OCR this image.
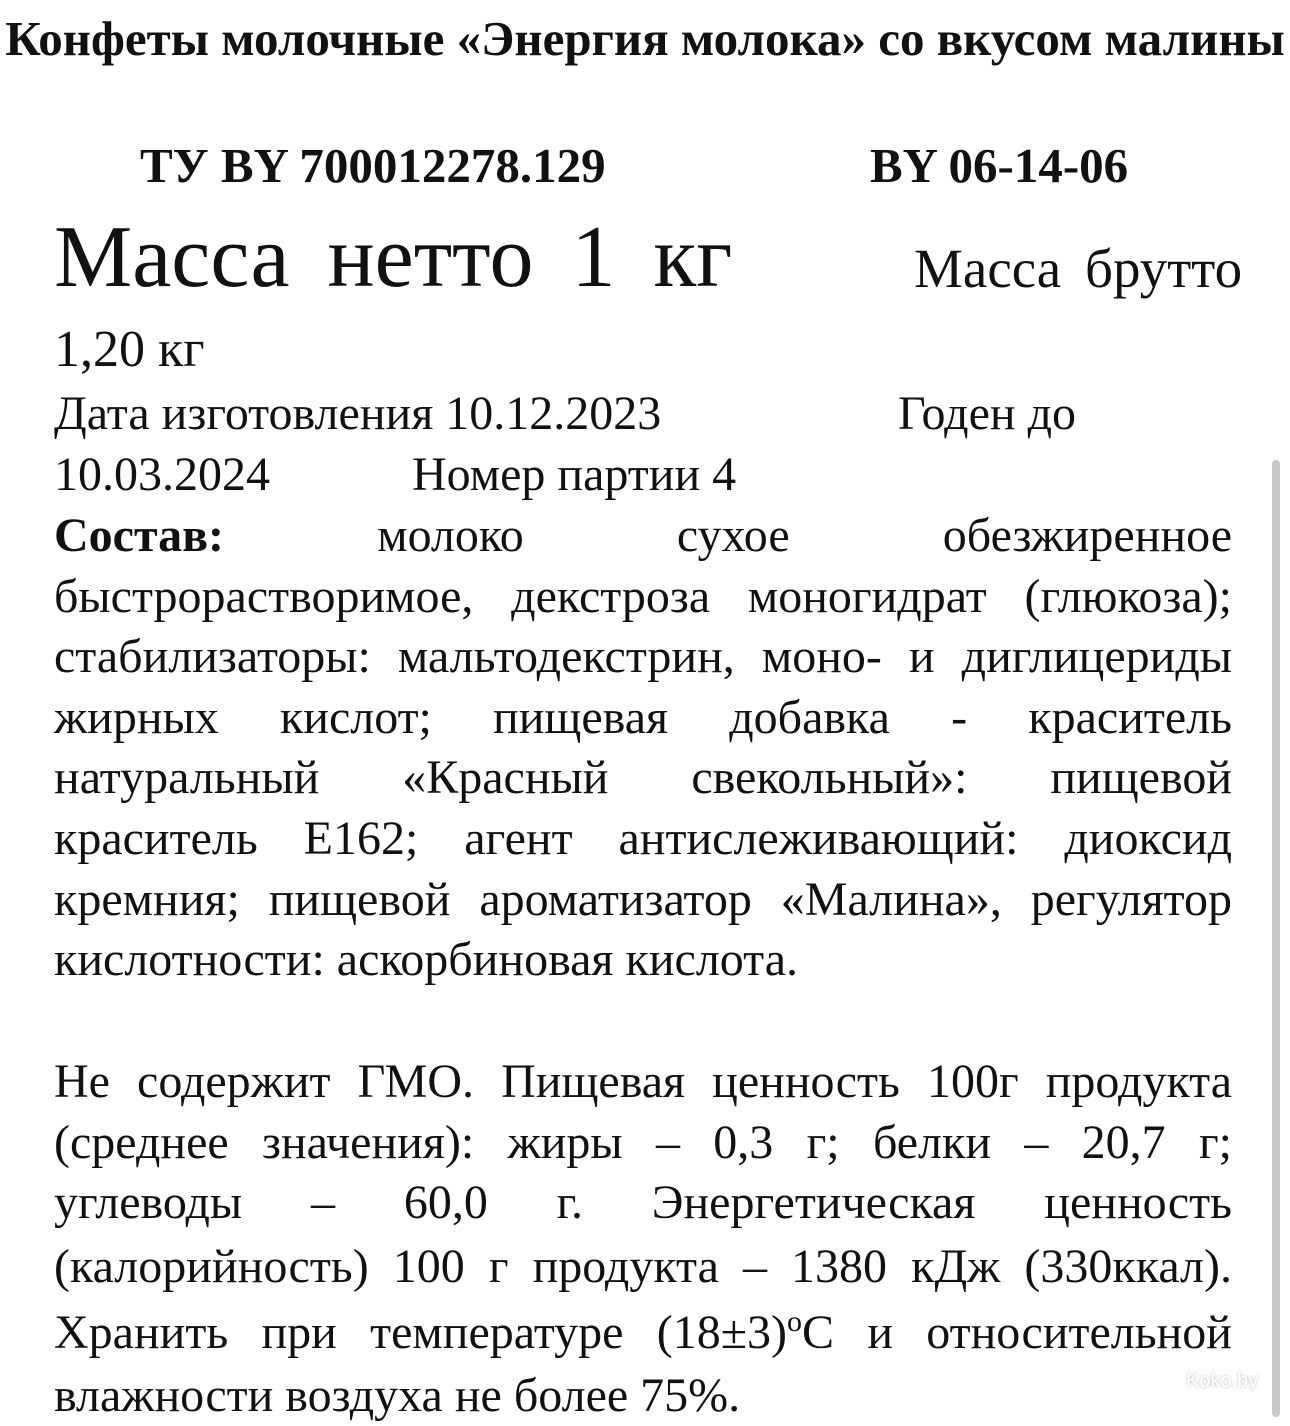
Конфеты молочные «Энергия молока» со вкусом малины
ТУ BY 700012278.129	BY 06-14-06
Масса нетто 1 кг	Масса брутто
1,20 кг
Дата изготовления 10.12.2023	Годен до
10.03.2024	Номер партии 4

Состав: молоко сухое обезжиренное быстрорастворимое, декстроза моногидрат (глюкоза); стабилизаторы: мальтодекстрин, моно- и диглицериды жирных кислот; пищевая добавка - краситель натуральный «Красный свекольный»: пищевой краситель Е162; агент антислеживающий: диоксид кремния; пищевой ароматизатор «Малина», регулятор кислотности: аскорбиновая кислота.

Не содержит ГМО. Пищевая ценность 100г продукта (среднее значения): жиры – 0,3 г; белки – 20,7 г; углеводы – 60,0 г. Энергетическая ценность (калорийность) 100 г продукта – 1380 кДж (330ккал). Хранить при температуре $(18\pm 3)^оС$ и относительной влажности воздуха не более 75%.	Koko.by
